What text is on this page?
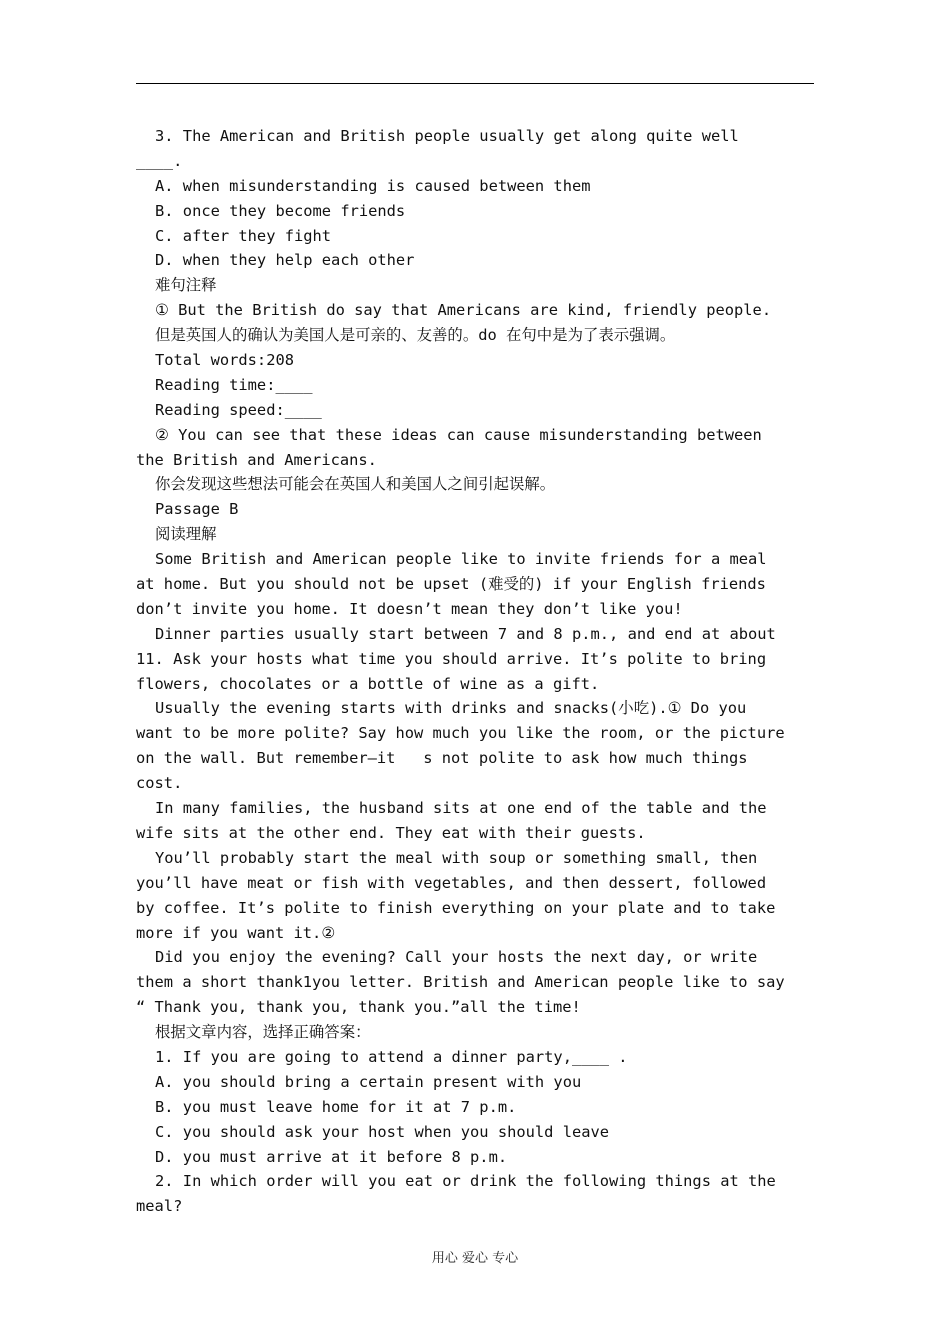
3. The American and British people usually get along quite well
____.
A. when misunderstanding is caused between them
B. once they become friends
C. after they fight
D. when they help each other
难句注释
① But the British do say that Americans are kind, friendly people.
但是英国人的确认为美国人是可亲的、友善的。do 在句中是为了表示强调。
Total words:208
Reading time:____
Reading speed:____
② You can see that these ideas can cause misunderstanding between
the British and Americans.
你会发现这些想法可能会在英国人和美国人之间引起误解。
Passage B
阅读理解
Some British and American people like to invite friends for a meal
at home. But you should not be upset (难受的) if your English friends
don’t invite you home. It doesn’t mean they don’t like you!
Dinner parties usually start between 7 and 8 p.m., and end at about
11. Ask your hosts what time you should arrive. It’s polite to bring
flowers, chocolates or a bottle of wine as a gift.
Usually the evening starts with drinks and snacks(小吃).① Do you
want to be more polite? Say how much you like the room, or the picture
on the wall. But remember—it   s not polite to ask how much things
cost.
In many families, the husband sits at one end of the table and the
wife sits at the other end. They eat with their guests.
You’ll probably start the meal with soup or something small, then
you’ll have meat or fish with vegetables, and then dessert, followed
by coffee. It’s polite to finish everything on your plate and to take
more if you want it.②
Did you enjoy the evening? Call your hosts the next day, or write
them a short thank1you letter. British and American people like to say
“ Thank you, thank you, thank you.”all the time!
根据文章内容，选择正确答案：
1. If you are going to attend a dinner party,____ .
A. you should bring a certain present with you
B. you must leave home for it at 7 p.m.
C. you should ask your host when you should leave
D. you must arrive at it before 8 p.m.
2. In which order will you eat or drink the following things at the
meal?
用心 爱心 专心
